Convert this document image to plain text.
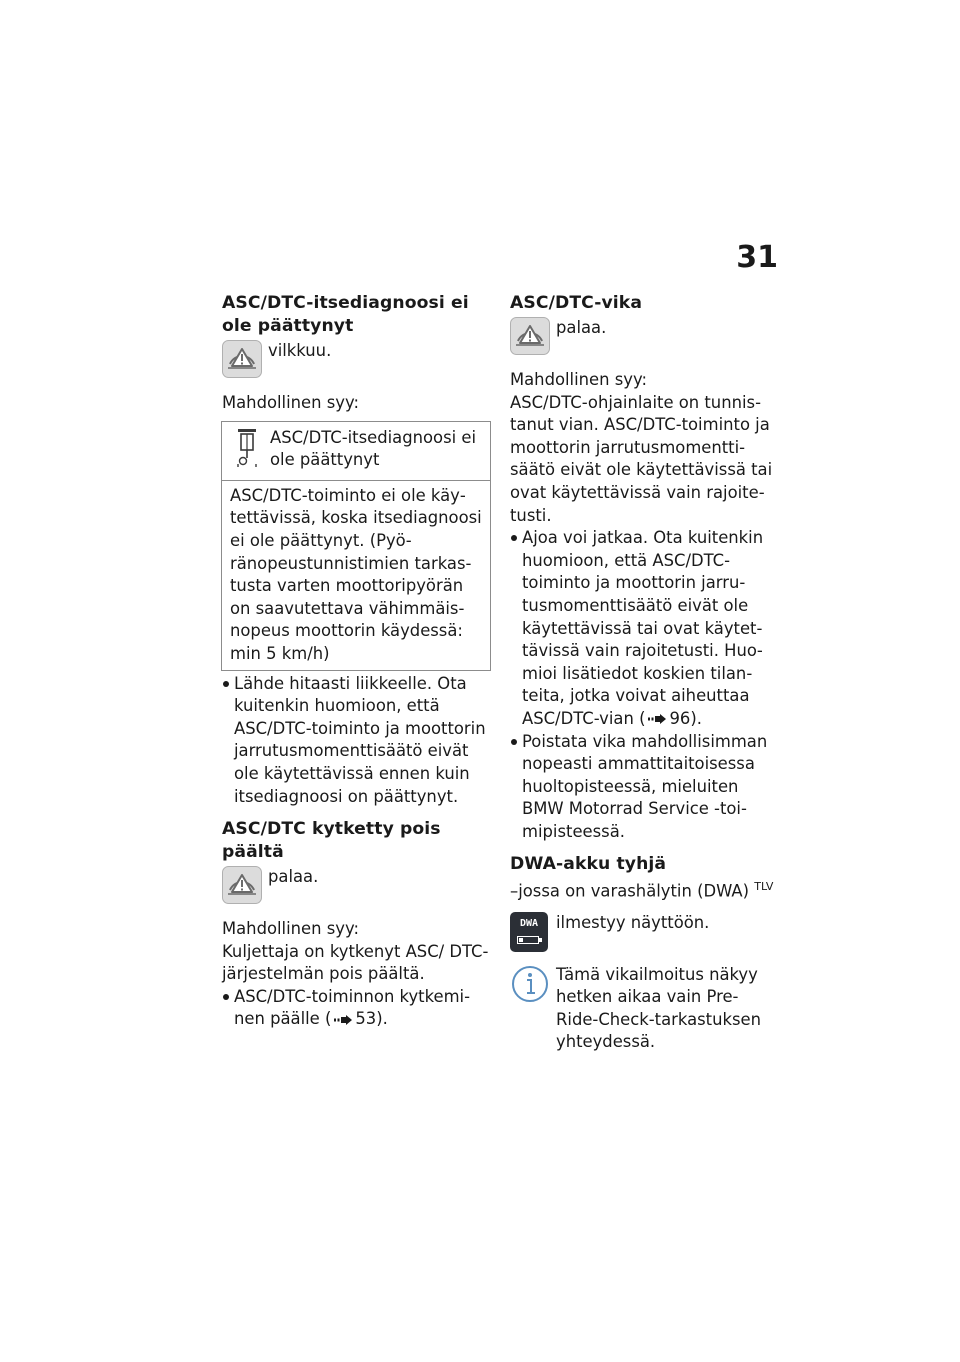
31
ASC/DTC-itsediagnoosi ei ole päättynyt
vilkkuu.

Mahdollinen syy:

ASC/DTC-itsediagnoosi ei ole päättynyt

ASC/DTC-toiminto ei ole käytettävissä, koska itsediagnoosi ei ole päättynyt. (Pyöränopeustunnistimien tarkastusta varten moottoripyörän on saavutettava vähimmäisnopeus moottorin käydessä: min 5 km/h)

Lähde hitaasti liikkeelle. Ota kuitenkin huomioon, että ASC/DTC-toiminto ja moottorin jarrutusmomenttisäätö eivät ole käytettävissä ennen kuin itsediagnoosi on päättynyt.
ASC/DTC kytketty pois päältä
palaa.

Mahdollinen syy:

Kuljettaja on kytkenyt ASC/ DTC-järjestelmän pois päältä.

ASC/DTC-toiminnon kytkeminen päälle ( 53).
ASC/DTC-vika
palaa.

Mahdollinen syy:

ASC/DTC-ohjainlaite on tunnistanut vian. ASC/DTC-toiminto ja moottorin jarrutusmomenttisäätö eivät ole käytettävissä tai ovat käytettävissä vain rajoitetusti.

Ajoa voi jatkaa. Ota kuitenkin huomioon, että ASC/DTC-toiminto ja moottorin jarrutusmomenttisäätö eivät ole käytettävissä tai ovat käytettävissä vain rajoitetusti. Huomioi lisätiedot koskien tilanteita, jotka voivat aiheuttaa ASC/DTC-vian ( 96).
Poistata vika mahdollisimman nopeasti ammattitaitoisessa huoltopisteessä, mieluiten BMW Motorrad Service -toimipisteessä.
DWA-akku tyhjä

–jossa on varashälytin (DWA) $^{TLV}$

DWA	ilmestyy näyttöön.

Tämä vikailmoitus näkyy hetken aikaa vain Pre-Ride-Check-tarkastuksen yhteydessä.
